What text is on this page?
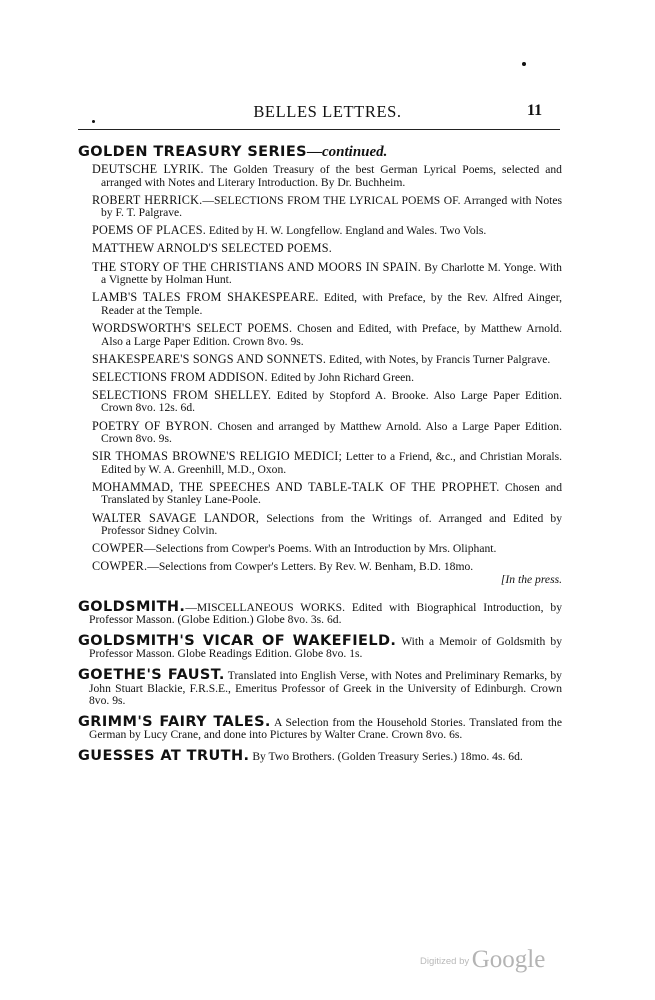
BELLES LETTRES.	11
GOLDEN TREASURY SERIES—continued.
DEUTSCHE LYRIK. The Golden Treasury of the best German Lyrical Poems, selected and arranged with Notes and Literary Introduction. By Dr. Buchheim.
ROBERT HERRICK.—SELECTIONS FROM THE LYRICAL POEMS OF. Arranged with Notes by F. T. Palgrave.
POEMS OF PLACES. Edited by H. W. Longfellow. England and Wales. Two Vols.
MATTHEW ARNOLD'S SELECTED POEMS.
THE STORY OF THE CHRISTIANS AND MOORS IN SPAIN. By Charlotte M. Yonge. With a Vignette by Holman Hunt.
LAMB'S TALES FROM SHAKESPEARE. Edited, with Preface, by the Rev. Alfred Ainger, Reader at the Temple.
WORDSWORTH'S SELECT POEMS. Chosen and Edited, with Preface, by Matthew Arnold. Also a Large Paper Edition. Crown 8vo. 9s.
SHAKESPEARE'S SONGS AND SONNETS. Edited, with Notes, by Francis Turner Palgrave.
SELECTIONS FROM ADDISON. Edited by John Richard Green.
SELECTIONS FROM SHELLEY. Edited by Stopford A. Brooke. Also Large Paper Edition. Crown 8vo. 12s. 6d.
POETRY OF BYRON. Chosen and arranged by Matthew Arnold. Also a Large Paper Edition. Crown 8vo. 9s.
SIR THOMAS BROWNE'S RELIGIO MEDICI; Letter to a Friend, &c., and Christian Morals. Edited by W. A. Greenhill, M.D., Oxon.
MOHAMMAD, THE SPEECHES AND TABLE-TALK OF THE PROPHET. Chosen and Translated by Stanley Lane-Poole.
WALTER SAVAGE LANDOR, Selections from the Writings of. Arranged and Edited by Professor Sidney Colvin.
COWPER—Selections from Cowper's Poems. With an Introduction by Mrs. Oliphant.
COWPER.—Selections from Cowper's Letters. By Rev. W. Benham, B.D. 18mo.
[In the press.
GOLDSMITH.—MISCELLANEOUS WORKS. Edited with Biographical Introduction, by Professor Masson. (Globe Edition.) Globe 8vo. 3s. 6d.
GOLDSMITH'S VICAR OF WAKEFIELD. With a Memoir of Goldsmith by Professor Masson. Globe Readings Edition. Globe 8vo. 1s.
GOETHE'S FAUST. Translated into English Verse, with Notes and Preliminary Remarks, by John Stuart Blackie, F.R.S.E., Emeritus Professor of Greek in the University of Edinburgh. Crown 8vo. 9s.
GRIMM'S FAIRY TALES. A Selection from the Household Stories. Translated from the German by Lucy Crane, and done into Pictures by Walter Crane. Crown 8vo. 6s.
GUESSES AT TRUTH. By Two Brothers. (Golden Treasury Series.) 18mo. 4s. 6d.
Digitized by Google
